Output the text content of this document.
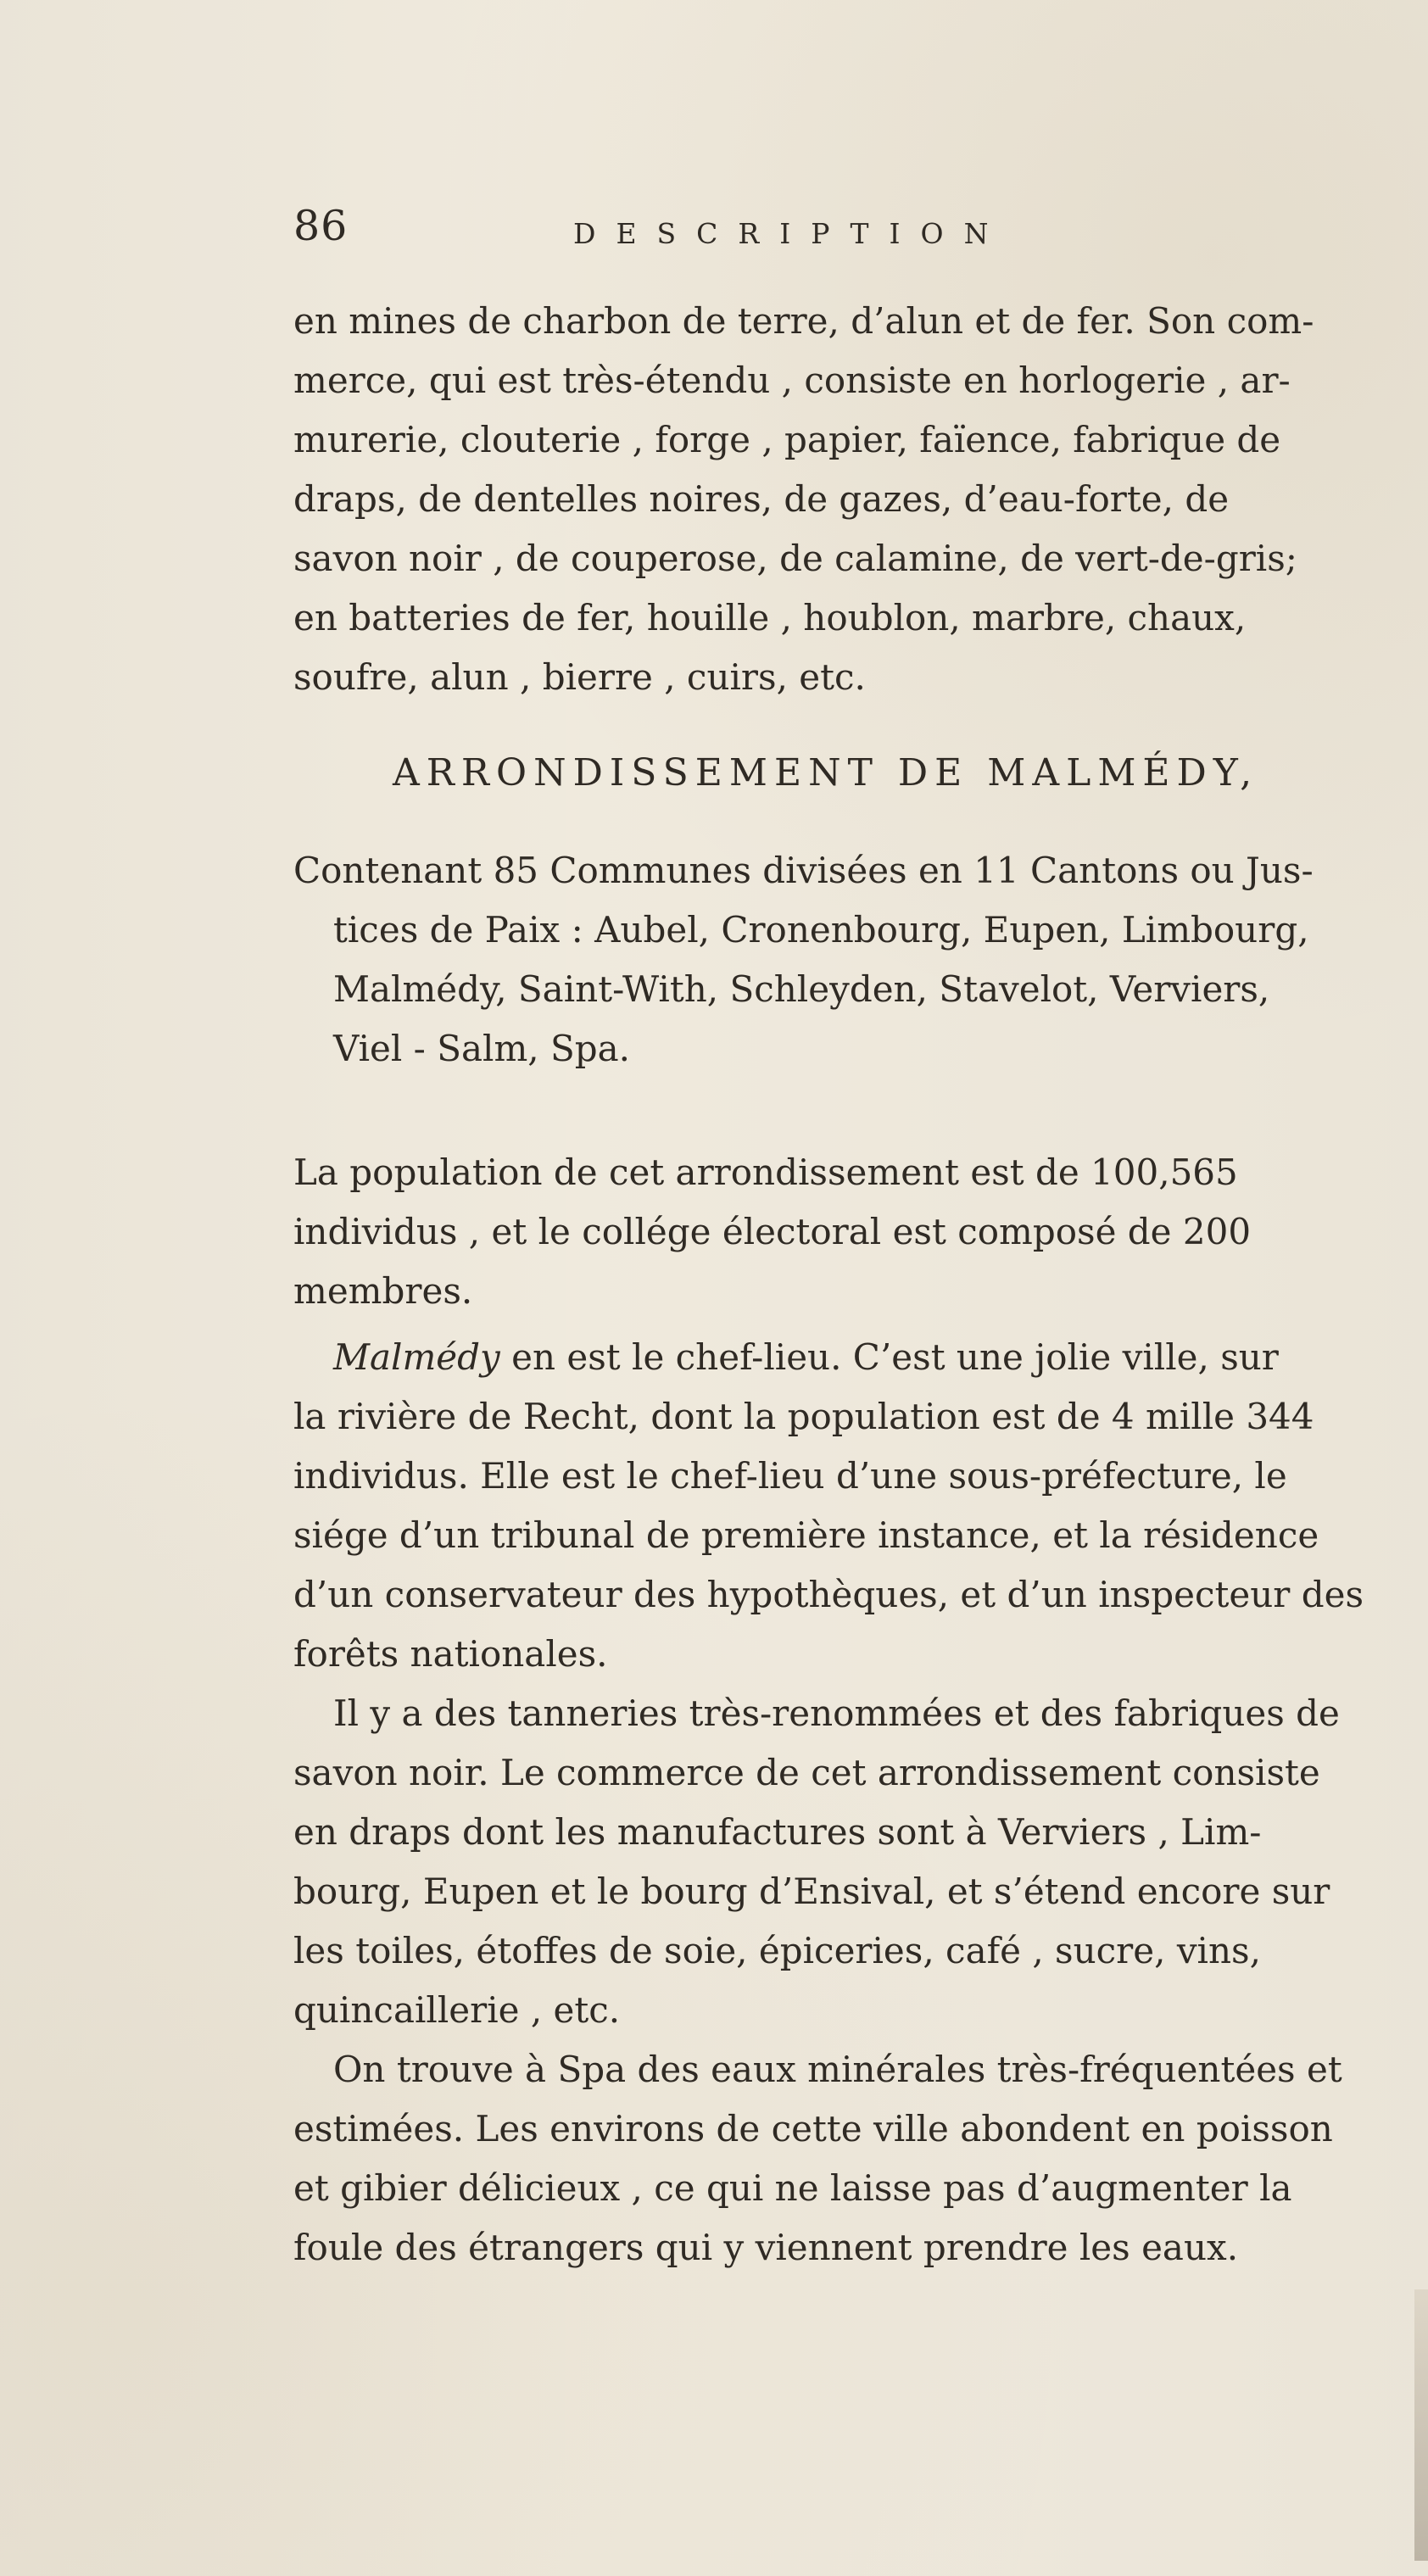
86	DESCRIPTION

en mines de charbon de terre, d’alun et de fer. Son com-
merce, qui est très-étendu , consiste en horlogerie , ar-
murerie, clouterie , forge , papier, faïence, fabrique de
draps, de dentelles noires, de gazes, d’eau-forte, de
savon noir , de couperose, de calamine, de vert-de-gris;
en batteries de fer, houille , houblon, marbre, chaux,
soufre, alun , bierre , cuirs, etc.

ARRONDISSEMENT DE MALMÉDY,

Contenant 85 Communes divisées en 11 Cantons ou Jus-
tices de Paix : Aubel, Cronenbourg, Eupen, Limbourg,
Malmédy, Saint-With, Schleyden, Stavelot, Verviers,
Viel - Salm, Spa.

La population de cet arrondissement est de 100,565
individus , et le collége électoral est composé de 200
membres.

Malmédy en est le chef-lieu. C’est une jolie ville, sur
la rivière de Recht, dont la population est de 4 mille 344
individus. Elle est le chef-lieu d’une sous-préfecture, le
siége d’un tribunal de première instance, et la résidence
d’un conservateur des hypothèques, et d’un inspecteur des
forêts nationales.

Il y a des tanneries très-renommées et des fabriques de
savon noir. Le commerce de cet arrondissement consiste
en draps dont les manufactures sont à Verviers , Lim-
bourg, Eupen et le bourg d’Ensival, et s’étend encore sur
les toiles, étoffes de soie, épiceries, café , sucre, vins,
quincaillerie , etc.

On trouve à Spa des eaux minérales très-fréquentées et
estimées. Les environs de cette ville abondent en poisson
et gibier délicieux , ce qui ne laisse pas d’augmenter la
foule des étrangers qui y viennent prendre les eaux.
